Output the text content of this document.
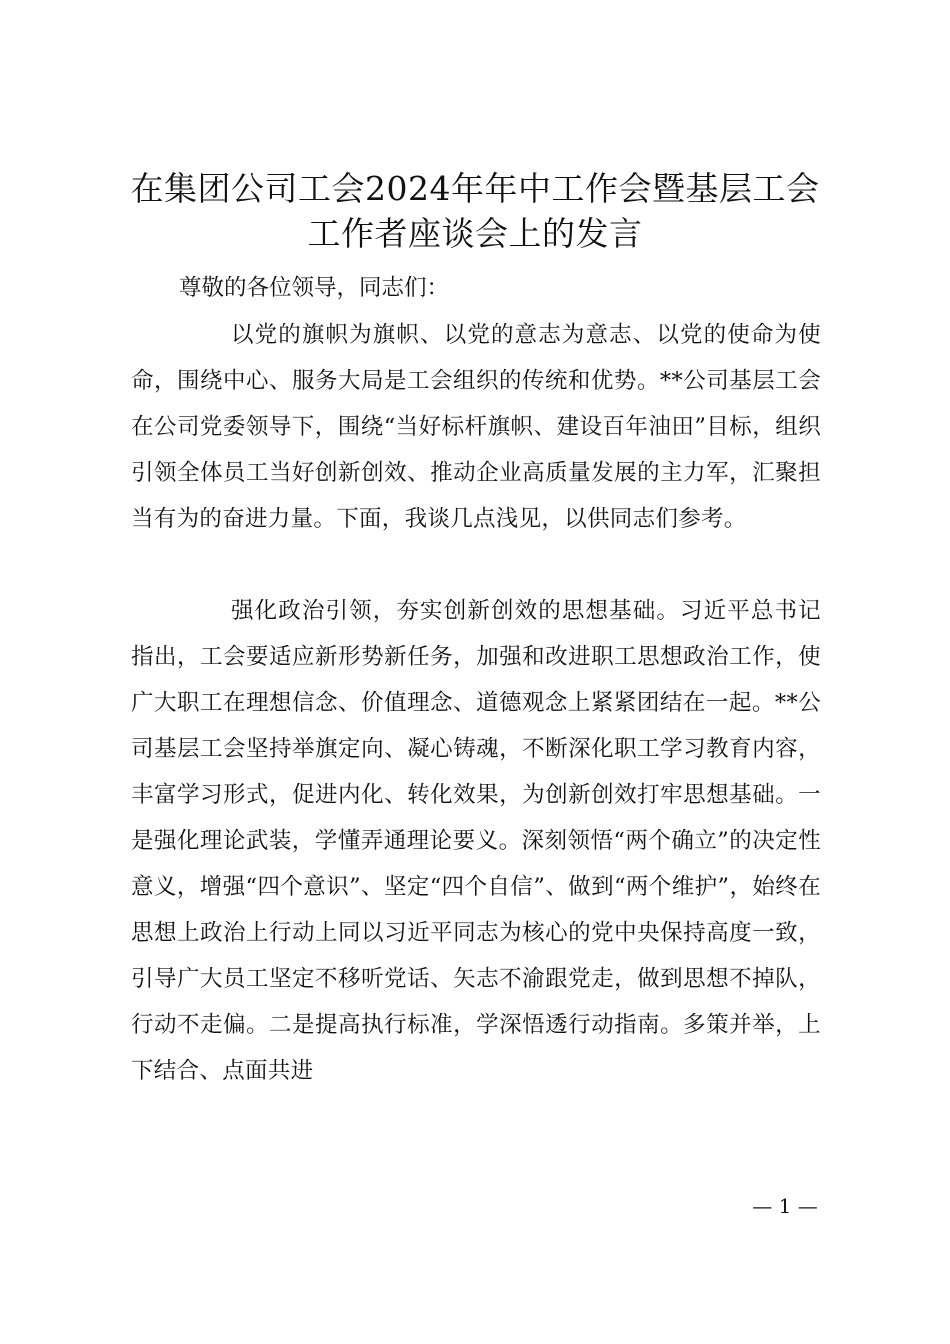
在集团公司工会2024年年中工作会暨基层工会工作者座谈会上的发言

尊敬的各位领导，同志们：

以党的旗帜为旗帜、以党的意志为意志、以党的使命为使命，围绕中心、服务大局是工会组织的传统和优势。**公司基层工会在公司党委领导下，围绕“当好标杆旗帜、建设百年油田”目标，组织引领全体员工当好创新创效、推动企业高质量发展的主力军，汇聚担当有为的奋进力量。下面，我谈几点浅见，以供同志们参考。

强化政治引领，夯实创新创效的思想基础。习近平总书记指出，工会要适应新形势新任务，加强和改进职工思想政治工作，使广大职工在理想信念、价值理念、道德观念上紧紧团结在一起。**公司基层工会坚持举旗定向、凝心铸魂，不断深化职工学习教育内容，丰富学习形式，促进内化、转化效果，为创新创效打牢思想基础。一是强化理论武装，学懂弄通理论要义。深刻领悟“两个确立”的决定性意义，增强“四个意识”、坚定“四个自信”、做到“两个维护”，始终在思想上政治上行动上同以习近平同志为核心的党中央保持高度一致，引导广大员工坚定不移听党话、矢志不渝跟党走，做到思想不掉队，行动不走偏。二是提高执行标准，学深悟透行动指南。多策并举，上下结合、点面共进

— 1 —
